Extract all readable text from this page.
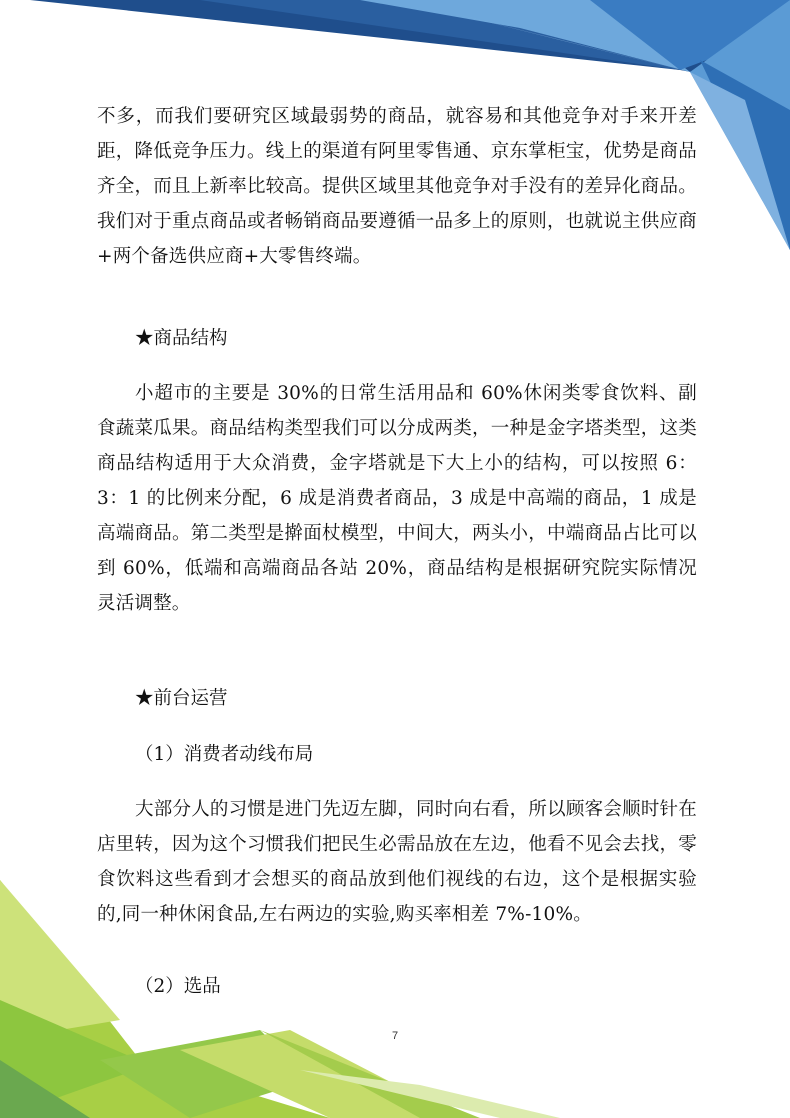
不多，而我们要研究区域最弱势的商品，就容易和其他竞争对手来开差距，降低竞争压力。线上的渠道有阿里零售通、京东掌柜宝，优势是商品齐全，而且上新率比较高。提供区域里其他竞争对手没有的差异化商品。我们对于重点商品或者畅销商品要遵循一品多上的原则，也就说主供应商+两个备选供应商+大零售终端。

★商品结构

小超市的主要是 30%的日常生活用品和 60%休闲类零食饮料、副食蔬菜瓜果。商品结构类型我们可以分成两类，一种是金字塔类型，这类商品结构适用于大众消费，金字塔就是下大上小的结构，可以按照 6：3：1 的比例来分配，6 成是消费者商品，3 成是中高端的商品，1 成是高端商品。第二类型是擀面杖模型，中间大，两头小，中端商品占比可以到 60%，低端和高端商品各站 20%，商品结构是根据研究院实际情况灵活调整。

★前台运营

（1）消费者动线布局

大部分人的习惯是进门先迈左脚，同时向右看，所以顾客会顺时针在店里转，因为这个习惯我们把民生必需品放在左边，他看不见会去找，零食饮料这些看到才会想买的商品放到他们视线的右边，这个是根据实验的,同一种休闲食品,左右两边的实验,购买率相差 7%-10%。

（2）选品

7
